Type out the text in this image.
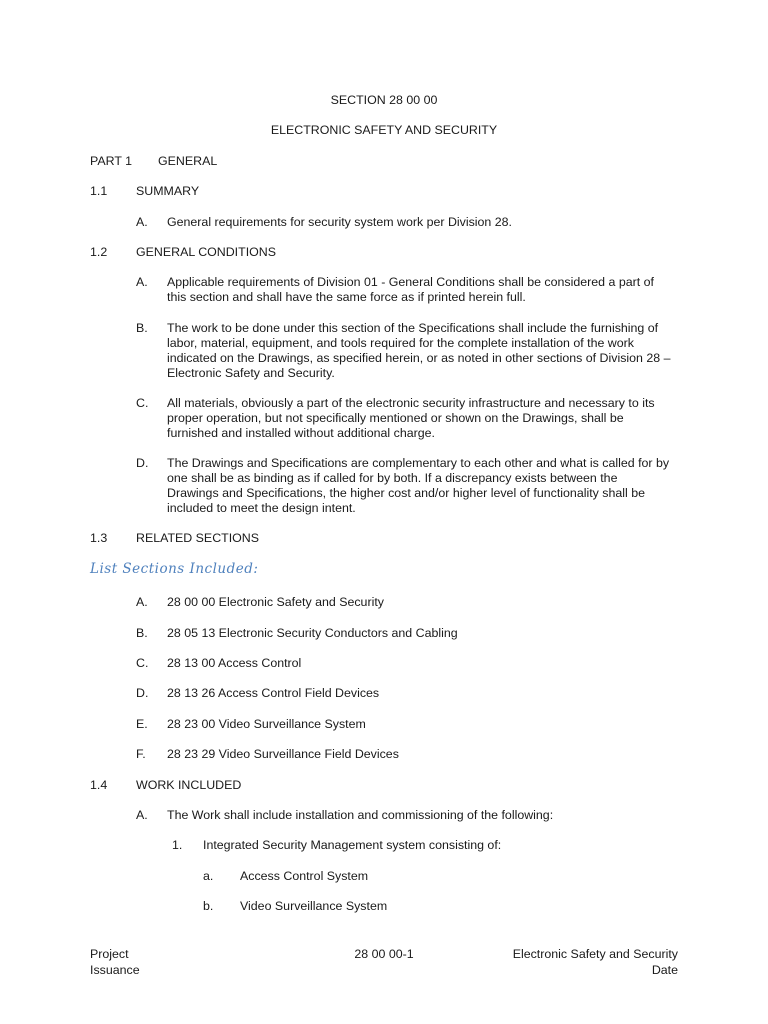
SECTION 28 00 00
ELECTRONIC SAFETY AND SECURITY
PART 1 GENERAL
1.1 SUMMARY
A. General requirements for security system work per Division 28.
1.2 GENERAL CONDITIONS
A. Applicable requirements of Division 01 - General Conditions shall be considered a part of
this section and shall have the same force as if printed herein full.
B. The work to be done under this section of the Specifications shall include the furnishing of
labor, material, equipment, and tools required for the complete installation of the work
indicated on the Drawings, as specified herein, or as noted in other sections of Division 28 –
Electronic Safety and Security.
C. All materials, obviously a part of the electronic security infrastructure and necessary to its
proper operation, but not specifically mentioned or shown on the Drawings, shall be
furnished and installed without additional charge.
D. The Drawings and Specifications are complementary to each other and what is called for by
one shall be as binding as if called for by both. If a discrepancy exists between the
Drawings and Specifications, the higher cost and/or higher level of functionality shall be
included to meet the design intent.
1.3 RELATED SECTIONS
List Sections Included:
A. 28 00 00 Electronic Safety and Security
B. 28 05 13 Electronic Security Conductors and Cabling
C. 28 13 00 Access Control
D. 28 13 26 Access Control Field Devices
E. 28 23 00 Video Surveillance System
F. 28 23 29 Video Surveillance Field Devices
1.4 WORK INCLUDED
A. The Work shall include installation and commissioning of the following:
1. Integrated Security Management system consisting of:
a. Access Control System
b. Video Surveillance System
Project
Issuance
28 00 00-1	Electronic Safety and Security
Date
